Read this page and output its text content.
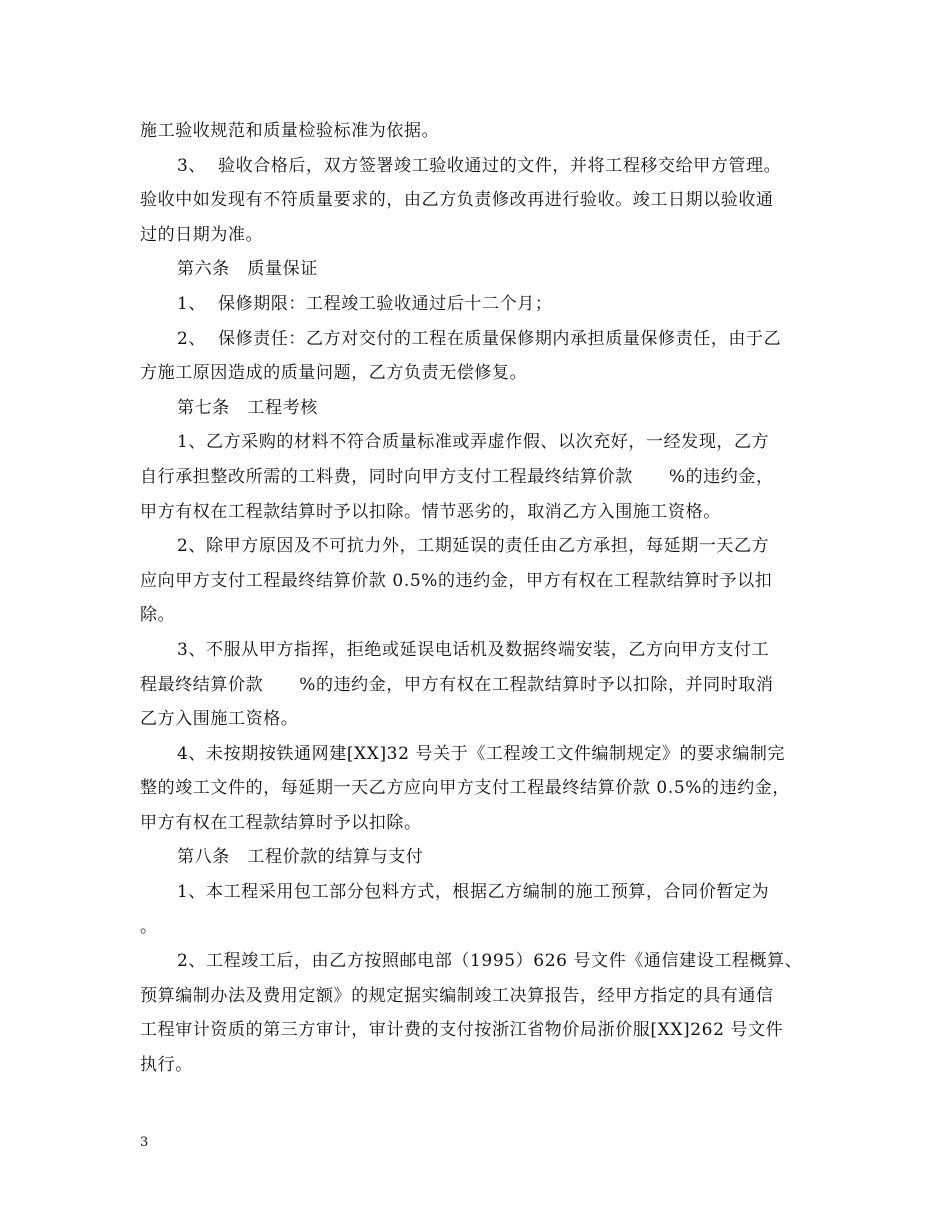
施工验收规范和质量检验标准为依据。
3、  验收合格后，双方签署竣工验收通过的文件，并将工程移交给甲方管理。
验收中如发现有不符质量要求的，由乙方负责修改再进行验收。竣工日期以验收通
过的日期为准。
第六条　质量保证
1、  保修期限：工程竣工验收通过后十二个月；
2、  保修责任：乙方对交付的工程在质量保修期内承担质量保修责任，由于乙
方施工原因造成的质量问题，乙方负责无偿修复。
第七条　工程考核
1、乙方采购的材料不符合质量标准或弄虚作假、以次充好，一经发现，乙方
自行承担整改所需的工料费，同时向甲方支付工程最终结算价款      %的违约金，
甲方有权在工程款结算时予以扣除。情节恶劣的，取消乙方入围施工资格。
2、除甲方原因及不可抗力外，工期延误的责任由乙方承担，每延期一天乙方
应向甲方支付工程最终结算价款 0.5%的违约金，甲方有权在工程款结算时予以扣
除。
3、不服从甲方指挥，拒绝或延误电话机及数据终端安装，乙方向甲方支付工
程最终结算价款      %的违约金，甲方有权在工程款结算时予以扣除，并同时取消
乙方入围施工资格。
4、未按期按铁通网建[XX]32 号关于《工程竣工文件编制规定》的要求编制完
整的竣工文件的，每延期一天乙方应向甲方支付工程最终结算价款 0.5%的违约金，
甲方有权在工程款结算时予以扣除。
第八条　工程价款的结算与支付
1、本工程采用包工部分包料方式，根据乙方编制的施工预算，合同价暂定为
。
2、工程竣工后，由乙方按照邮电部（1995）626 号文件《通信建设工程概算、
预算编制办法及费用定额》的规定据实编制竣工决算报告，经甲方指定的具有通信
工程审计资质的第三方审计，审计费的支付按浙江省物价局浙价服[XX]262 号文件
执行。
3
